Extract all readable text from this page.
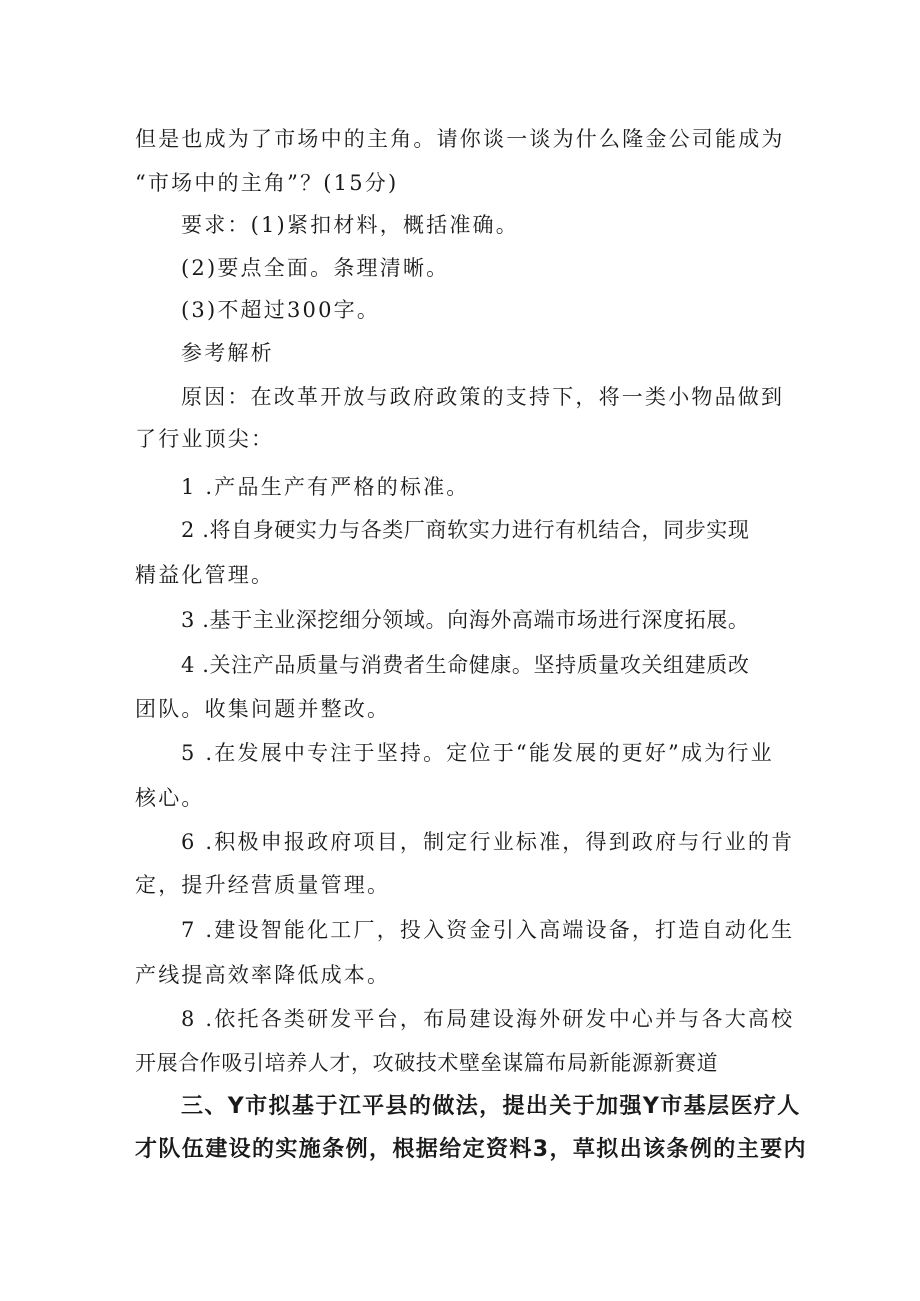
但是也成为了市场中的主角。请你谈一谈为什么隆金公司能成为
“市场中的主角”？(15分)
要求：(1)紧扣材料，概括准确。
(2)要点全面。条理清晰。
(3)不超过300字。
参考解析
原因：在改革开放与政府政策的支持下，将一类小物品做到
了行业顶尖：
1 .产品生产有严格的标准。
2 .将自身硬实力与各类厂商软实力进行有机结合，同步实现
精益化管理。
3 .基于主业深挖细分领域。向海外高端市场进行深度拓展。
4 .关注产品质量与消费者生命健康。坚持质量攻关组建质改
团队。收集问题并整改。
5 .在发展中专注于坚持。定位于“能发展的更好”成为行业
核心。
6 .积极申报政府项目，制定行业标准，得到政府与行业的肯
定，提升经营质量管理。
7 .建设智能化工厂，投入资金引入高端设备，打造自动化生
产线提高效率降低成本。
8 .依托各类研发平台，布局建设海外研发中心并与各大高校
开展合作吸引培养人才，攻破技术壁垒谋篇布局新能源新赛道
三、Y市拟基于江平县的做法，提出关于加强Y市基层医疗人
才队伍建设的实施条例，根据给定资料3，草拟出该条例的主要内
